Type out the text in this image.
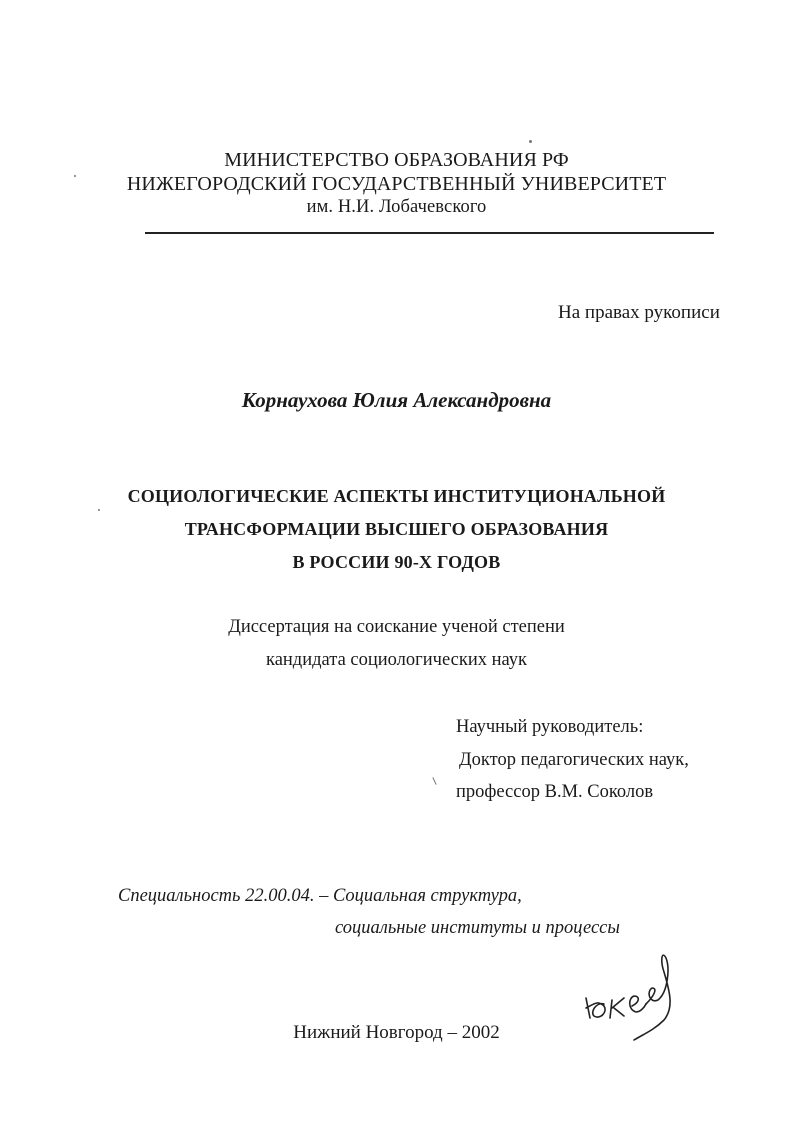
МИНИСТЕРСТВО ОБРАЗОВАНИЯ РФ
НИЖЕГОРОДСКИЙ ГОСУДАРСТВЕННЫЙ УНИВЕРСИТЕТ
им. Н.И. Лобачевского
На правах рукописи
Корнаухова Юлия Александровна
СОЦИОЛОГИЧЕСКИЕ АСПЕКТЫ ИНСТИТУЦИОНАЛЬНОЙ
ТРАНСФОРМАЦИИ ВЫСШЕГО ОБРАЗОВАНИЯ
В РОССИИ 90-Х ГОДОВ
Диссертация на соискание ученой степени
кандидата социологических наук
Научный руководитель:
Доктор педагогических наук,
профессор В.М. Соколов
Специальность 22.00.04. – Социальная структура,
социальные институты и процессы
Нижний Новгород – 2002
